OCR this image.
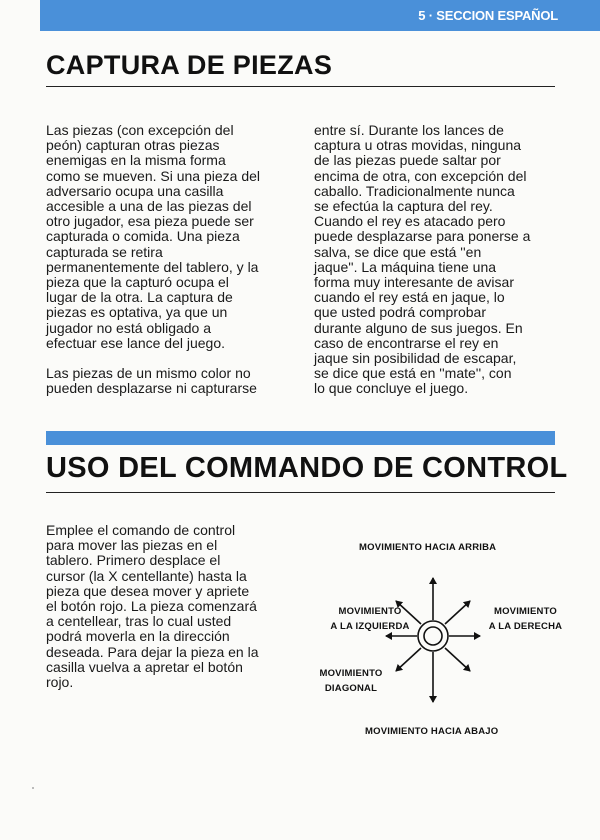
5 · SECCION ESPAÑOL
CAPTURA DE PIEZAS

Las piezas (con excepción del
peón) capturan otras piezas
enemigas en la misma forma
como se mueven. Si una pieza del
adversario ocupa una casilla
accesible a una de las piezas del
otro jugador, esa pieza puede ser
capturada o comida. Una pieza
capturada se retira
permanentemente del tablero, y la
pieza que la capturó ocupa el
lugar de la otra. La captura de
piezas es optativa, ya que un
jugador no está obligado a
efectuar ese lance del juego.

Las piezas de un mismo color no
pueden desplazarse ni capturarse

entre sí. Durante los lances de
captura u otras movidas, ninguna
de las piezas puede saltar por
encima de otra, con excepción del
caballo. Tradicionalmente nunca
se efectúa la captura del rey.
Cuando el rey es atacado pero
puede desplazarse para ponerse a
salva, se dice que está ''en
jaque''. La máquina tiene una
forma muy interesante de avisar
cuando el rey está en jaque, lo
que usted podrá comprobar
durante alguno de sus juegos. En
caso de encontrarse el rey en
jaque sin posibilidad de escapar,
se dice que está en ''mate'', con
lo que concluye el juego.

USO DEL COMMANDO DE CONTROL

Emplee el comando de control
para mover las piezas en el
tablero. Primero desplace el
cursor (la X centellante) hasta la
pieza que desea mover y apriete
el botón rojo. La pieza comenzará
a centellear, tras lo cual usted
podrá moverla en la dirección
deseada. Para dejar la pieza en la
casilla vuelva a apretar el botón
rojo.

MOVIMIENTO HACIA ARRIBA
MOVIMIENTO
A LA IZQUIERDA
MOVIMIENTO
A LA DERECHA
MOVIMIENTO
DIAGONAL
MOVIMIENTO HACIA ABAJO
